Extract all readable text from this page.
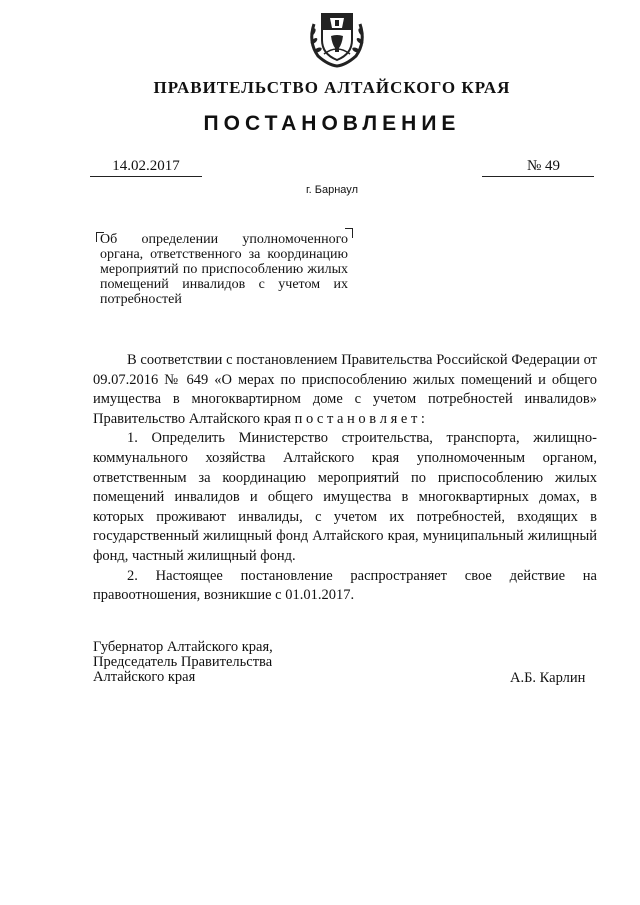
ПРАВИТЕЛЬСТВО АЛТАЙСКОГО КРАЯ
ПОСТАНОВЛЕНИЕ
14.02.2017	№ 49
г. Барнаул
Об определении уполномоченного органа, ответственного за координацию мероприятий по приспособлению жилых помещений инвалидов с учетом их потребностей

В соответствии с постановлением Правительства Российской Федерации от 09.07.2016 № 649 «О мерах по приспособлению жилых помещений и общего имущества в многоквартирном доме с учетом потребностей инвалидов» Правительство Алтайского края п о с т а н о в л я е т :

1. Определить Министерство строительства, транспорта, жилищно-коммунального хозяйства Алтайского края уполномоченным органом, ответственным за координацию мероприятий по приспособлению жилых помещений инвалидов и общего имущества в многоквартирных домах, в которых проживают инвалиды, с учетом их потребностей, входящих в государственный жилищный фонд Алтайского края, муниципальный жилищный фонд, частный жилищный фонд.

2. Настоящее постановление распространяет свое действие на правоотношения, возникшие с 01.01.2017.

Губернатор Алтайского края,
Председатель Правительства
Алтайского края	А.Б. Карлин
